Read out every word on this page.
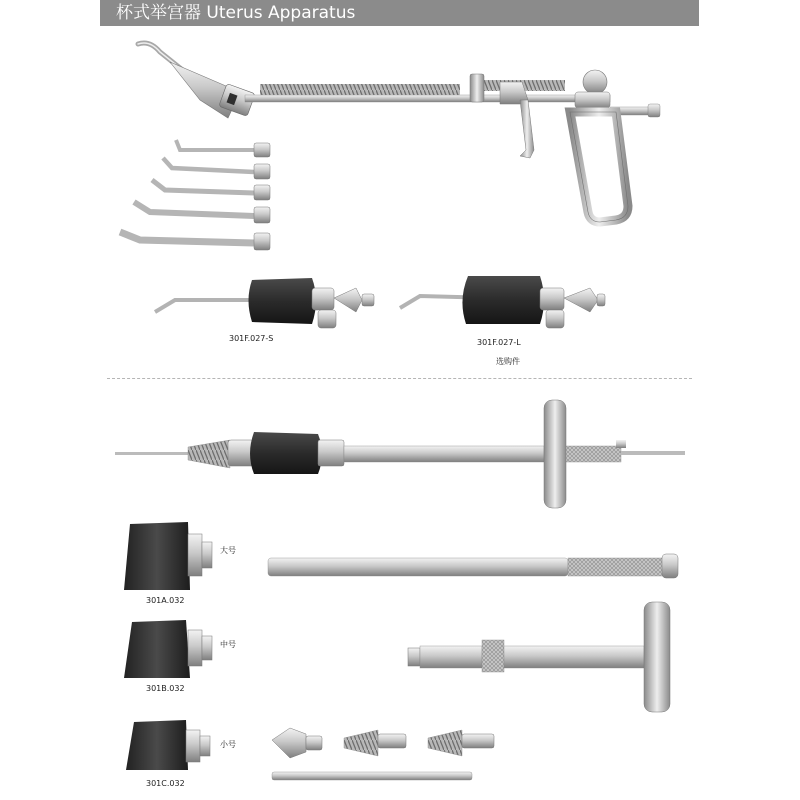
杯式举宫器 Uterus Apparatus
301F.027-S	301F.027-L
选购件
大号
301A.032
中号
301B.032
小号
301C.032
